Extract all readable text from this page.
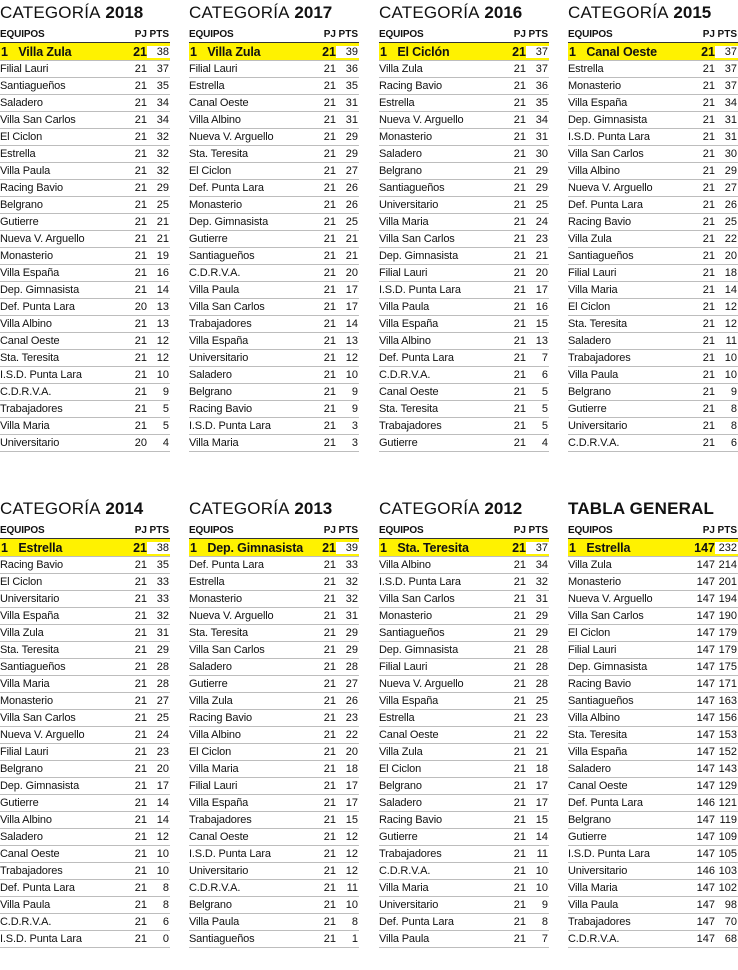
CATEGORÍA 2018
EQUIPOS	PJ PTS
1 Villa Zula	21 38
Filial Lauri	21 37
Santiagueños	21 35
Saladero	21 34
Villa San Carlos	21 34
El Ciclon	21 32
Estrella	21 32
Villa Paula	21 32
Racing Bavio	21 29
Belgrano	21 25
Gutierre	21 21
Nueva V. Arguello	21 21
Monasterio	21 19
Villa España	21 16
Dep. Gimnasista	21 14
Def. Punta Lara	20 13
Villa Albino	21 13
Canal Oeste	21 12
Sta. Teresita	21 12
I.S.D. Punta Lara	21 10
C.D.R.V.A.	21	9
Trabajadores	21	5
Villa Maria	21	5
Universitario	20	4
CATEGORÍA 2017
EQUIPOS	PJ PTS
1 Villa Zula	21 39
Filial Lauri	21 36
Estrella	21 35
Canal Oeste	21 31
Villa Albino	21 31
Nueva V. Arguello	21 29
Sta. Teresita	21 29
El Ciclon	21 27
Def. Punta Lara	21 26
Monasterio	21 26
Dep. Gimnasista	21 25
Gutierre	21 21
Santiagueños	21 21
C.D.R.V.A.	21 20
Villa Paula	21 17
Villa San Carlos	21 17
Trabajadores	21 14
Villa España	21 13
Universitario	21 12
Saladero	21 10
Belgrano	21	9
Racing Bavio	21	9
I.S.D. Punta Lara	21	3
Villa Maria	21	3
CATEGORÍA 2016
EQUIPOS	PJ PTS
1 El Ciclón	21 37
Villa Zula	21 37
Racing Bavio	21 36
Estrella	21 35
Nueva V. Arguello	21 34
Monasterio	21 31
Saladero	21 30
Belgrano	21 29
Santiagueños	21 29
Universitario	21 25
Villa Maria	21 24
Villa San Carlos	21 23
Dep. Gimnasista	21 21
Filial Lauri	21 20
I.S.D. Punta Lara	21 17
Villa Paula	21 16
Villa España	21 15
Villa Albino	21 13
Def. Punta Lara	21	7
C.D.R.V.A.	21	6
Canal Oeste	21	5
Sta. Teresita	21	5
Trabajadores	21	5
Gutierre	21	4
CATEGORÍA 2015
EQUIPOS	PJ PTS
1 Canal Oeste	21 37
Estrella	21 37
Monasterio	21 37
Villa España	21 34
Dep. Gimnasista	21 31
I.S.D. Punta Lara	21 31
Villa San Carlos	21 30
Villa Albino	21 29
Nueva V. Arguello	21 27
Def. Punta Lara	21 26
Racing Bavio	21 25
Villa Zula	21 22
Santiagueños	21 20
Filial Lauri	21 18
Villa Maria	21 14
El Ciclon	21 12
Sta. Teresita	21 12
Saladero	21 11
Trabajadores	21 10
Villa Paula	21 10
Belgrano	21	9
Gutierre	21	8
Universitario	21	8
C.D.R.V.A.	21	6
CATEGORÍA 2014
EQUIPOS	PJ PTS
1 Estrella	21 38
Racing Bavio	21 35
El Ciclon	21 33
Universitario	21 33
Villa España	21 32
Villa Zula	21 31
Sta. Teresita	21 29
Santiagueños	21 28
Villa Maria	21 28
Monasterio	21 27
Villa San Carlos	21 25
Nueva V. Arguello	21 24
Filial Lauri	21 23
Belgrano	21 20
Dep. Gimnasista	21 17
Gutierre	21 14
Villa Albino	21 14
Saladero	21 12
Canal Oeste	21 10
Trabajadores	21 10
Def. Punta Lara	21	8
Villa Paula	21	8
C.D.R.V.A.	21	6
I.S.D. Punta Lara	21	0
CATEGORÍA 2013
EQUIPOS	PJ PTS
1 Dep. Gimnasista	21 39
Def. Punta Lara	21 33
Estrella	21 32
Monasterio	21 32
Nueva V. Arguello	21 31
Sta. Teresita	21 29
Villa San Carlos	21 29
Saladero	21 28
Gutierre	21 27
Villa Zula	21 26
Racing Bavio	21 23
Villa Albino	21 22
El Ciclon	21 20
Villa Maria	21 18
Filial Lauri	21 17
Villa España	21 17
Trabajadores	21 15
Canal Oeste	21 12
I.S.D. Punta Lara	21 12
Universitario	21 12
C.D.R.V.A.	21 11
Belgrano	21 10
Villa Paula	21	8
Santiagueños	21	1
CATEGORÍA 2012
EQUIPOS	PJ PTS
1 Sta. Teresita	21 37
Villa Albino	21 34
I.S.D. Punta Lara	21 32
Villa San Carlos	21 31
Monasterio	21 29
Santiagueños	21 29
Dep. Gimnasista	21 28
Filial Lauri	21 28
Nueva V. Arguello	21 28
Villa España	21 25
Estrella	21 23
Canal Oeste	21 22
Villa Zula	21 21
El Ciclon	21 18
Belgrano	21 17
Saladero	21 17
Racing Bavio	21 15
Gutierre	21 14
Trabajadores	21 11
C.D.R.V.A.	21 10
Villa Maria	21 10
Universitario	21	9
Def. Punta Lara	21	8
Villa Paula	21	7
TABLA GENERAL
EQUIPOS	PJ PTS
1 Estrella	147 232
Villa Zula	147 214
Monasterio	147 201
Nueva V. Arguello	147 194
Villa San Carlos	147 190
El Ciclon	147 179
Filial Lauri	147 179
Dep. Gimnasista	147 175
Racing Bavio	147 171
Santiagueños	147 163
Villa Albino	147 156
Sta. Teresita	147 153
Villa España	147 152
Saladero	147 143
Canal Oeste	147 129
Def. Punta Lara	146 121
Belgrano	147 119
Gutierre	147 109
I.S.D. Punta Lara	147 105
Universitario	146 103
Villa Maria	147 102
Villa Paula	147 98
Trabajadores	147 70
C.D.R.V.A.	147 68
